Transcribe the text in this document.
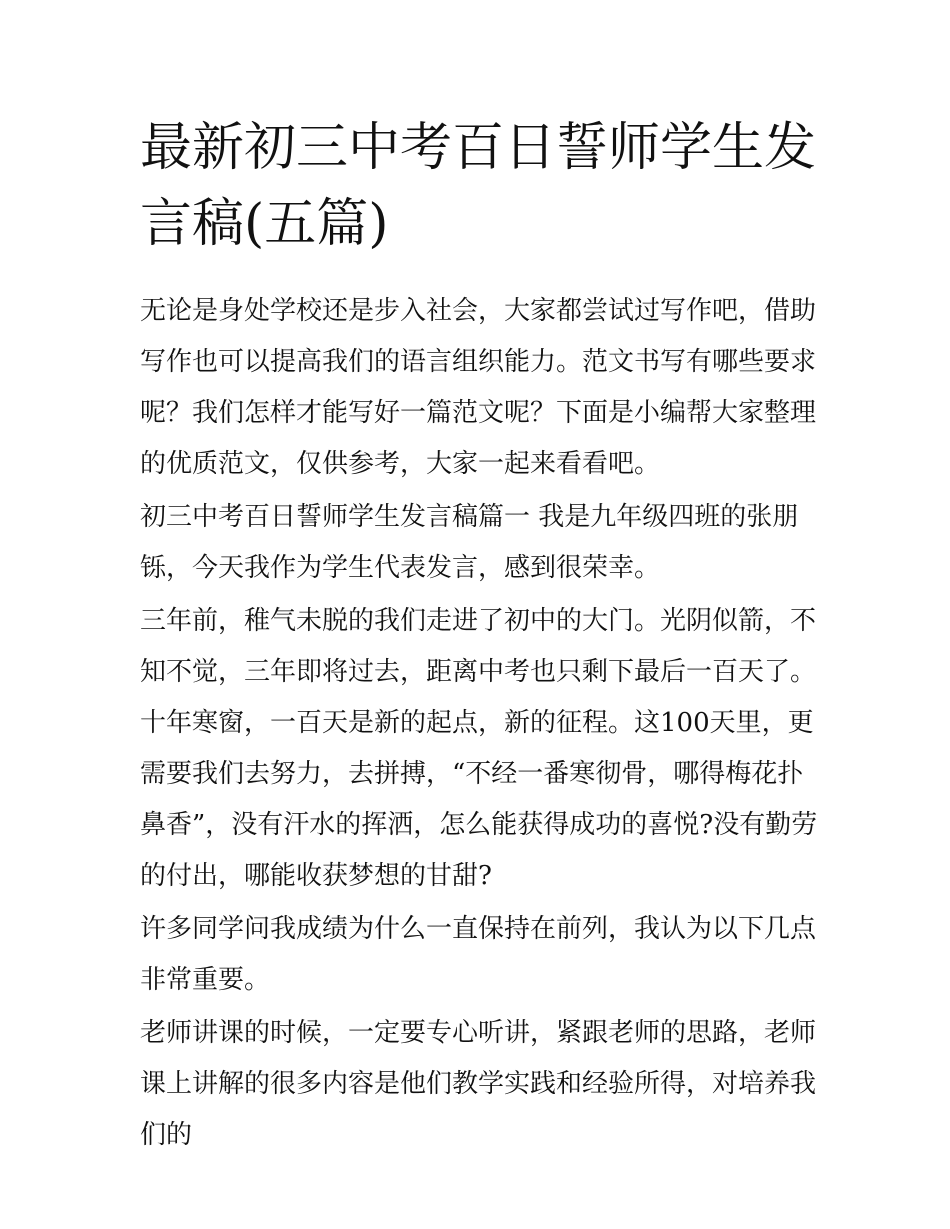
最新初三中考百日誓师学生发言稿(五篇)

无论是身处学校还是步入社会，大家都尝试过写作吧，借助写作也可以提高我们的语言组织能力。范文书写有哪些要求呢？我们怎样才能写好一篇范文呢？下面是小编帮大家整理的优质范文，仅供参考，大家一起来看看吧。

初三中考百日誓师学生发言稿篇一 我是九年级四班的张朋铄，今天我作为学生代表发言，感到很荣幸。

三年前，稚气未脱的我们走进了初中的大门。光阴似箭，不知不觉，三年即将过去，距离中考也只剩下最后一百天了。十年寒窗，一百天是新的起点，新的征程。这100天里，更需要我们去努力，去拼搏，“不经一番寒彻骨，哪得梅花扑鼻香”，没有汗水的挥洒，怎么能获得成功的喜悦?没有勤劳的付出，哪能收获梦想的甘甜?

许多同学问我成绩为什么一直保持在前列，我认为以下几点非常重要。

老师讲课的时候，一定要专心听讲，紧跟老师的思路，老师课上讲解的很多内容是他们教学实践和经验所得，对培养我们的
